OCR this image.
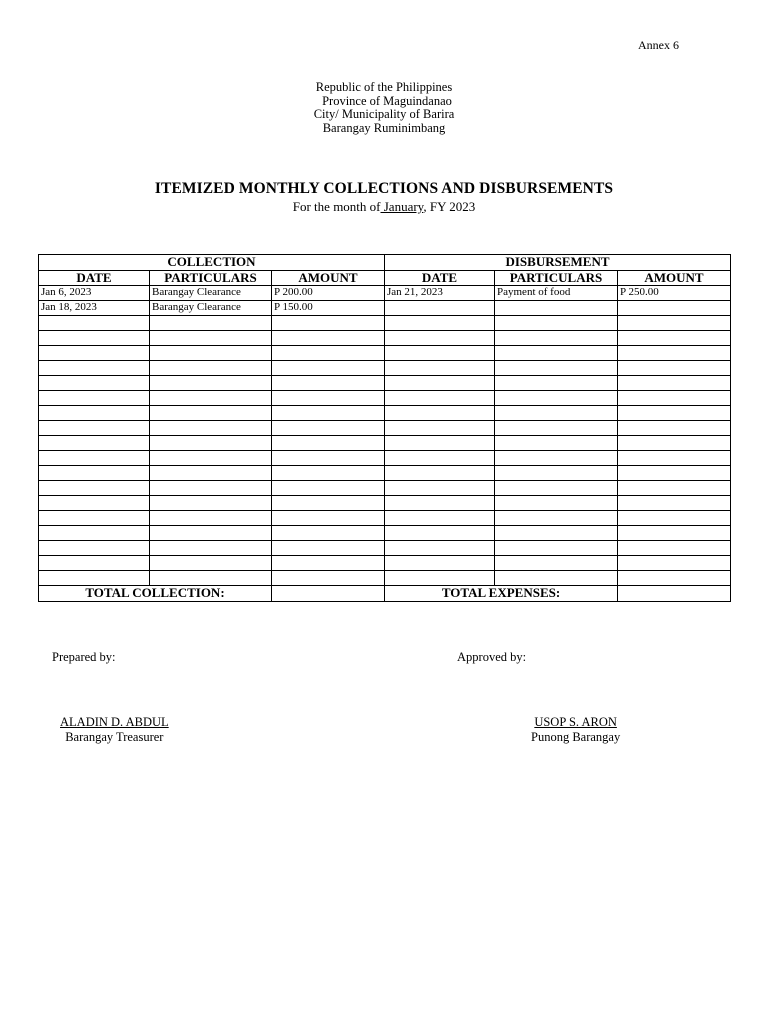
Annex 6
Republic of the Philippines
Province of Maguindanao
City/ Municipality of Barira
Barangay Ruminimbang
ITEMIZED MONTHLY COLLECTIONS AND DISBURSEMENTS
For the month of January, FY 2023
COLLECTION			DISBURSEMENT		
DATE	PARTICULARS	AMOUNT	DATE	PARTICULARS	AMOUNT
Jan 6, 2023	Barangay Clearance	P 200.00	Jan 21, 2023	Payment of food	P 250.00
Jan 18, 2023	Barangay Clearance	P 150.00			

TOTAL COLLECTION:			TOTAL EXPENSES:		
Prepared by:	Approved by:
ALADIN D. ABDUL
Barangay Treasurer
USOP S. ARON
Punong Barangay
